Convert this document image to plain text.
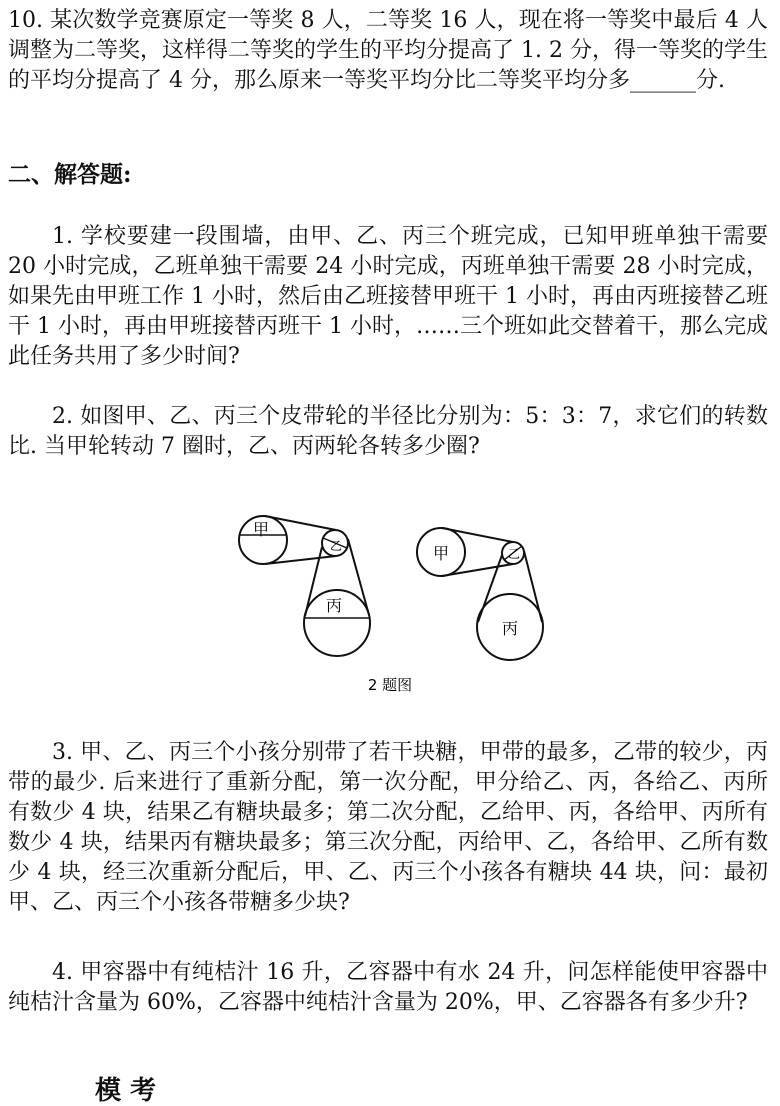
10. 某次数学竞赛原定一等奖 8 人，二等奖 16 人，现在将一等奖中最后 4 人调整为二等奖，这样得二等奖的学生的平均分提高了 1. 2 分，得一等奖的学生的平均分提高了 4 分，那么原来一等奖平均分比二等奖平均分多______分.

二、解答题:

1. 学校要建一段围墙，由甲、乙、丙三个班完成，已知甲班单独干需要 20 小时完成，乙班单独干需要 24 小时完成，丙班单独干需要 28 小时完成，如果先由甲班工作 1 小时，然后由乙班接替甲班干 1 小时，再由丙班接替乙班干 1 小时，再由甲班接替丙班干 1 小时，……三个班如此交替着干，那么完成此任务共用了多少时间?

2. 如图甲、乙、丙三个皮带轮的半径比分别为：5：3：7，求它们的转数比. 当甲轮转动 7 圈时，乙、丙两轮各转多少圈?

甲
乙
丙
甲	乙
丙
2 题图

3. 甲、乙、丙三个小孩分别带了若干块糖，甲带的最多，乙带的较少，丙带的最少. 后来进行了重新分配，第一次分配，甲分给乙、丙，各给乙、丙所有数少 4 块，结果乙有糖块最多；第二次分配，乙给甲、丙，各给甲、丙所有数少 4 块，结果丙有糖块最多；第三次分配，丙给甲、乙，各给甲、乙所有数少 4 块，经三次重新分配后，甲、乙、丙三个小孩各有糖块 44 块，问：最初甲、乙、丙三个小孩各带糖多少块?

4. 甲容器中有纯桔汁 16 升，乙容器中有水 24 升，问怎样能使甲容器中纯桔汁含量为 60%，乙容器中纯桔汁含量为 20%，甲、乙容器各有多少升?

模 考
